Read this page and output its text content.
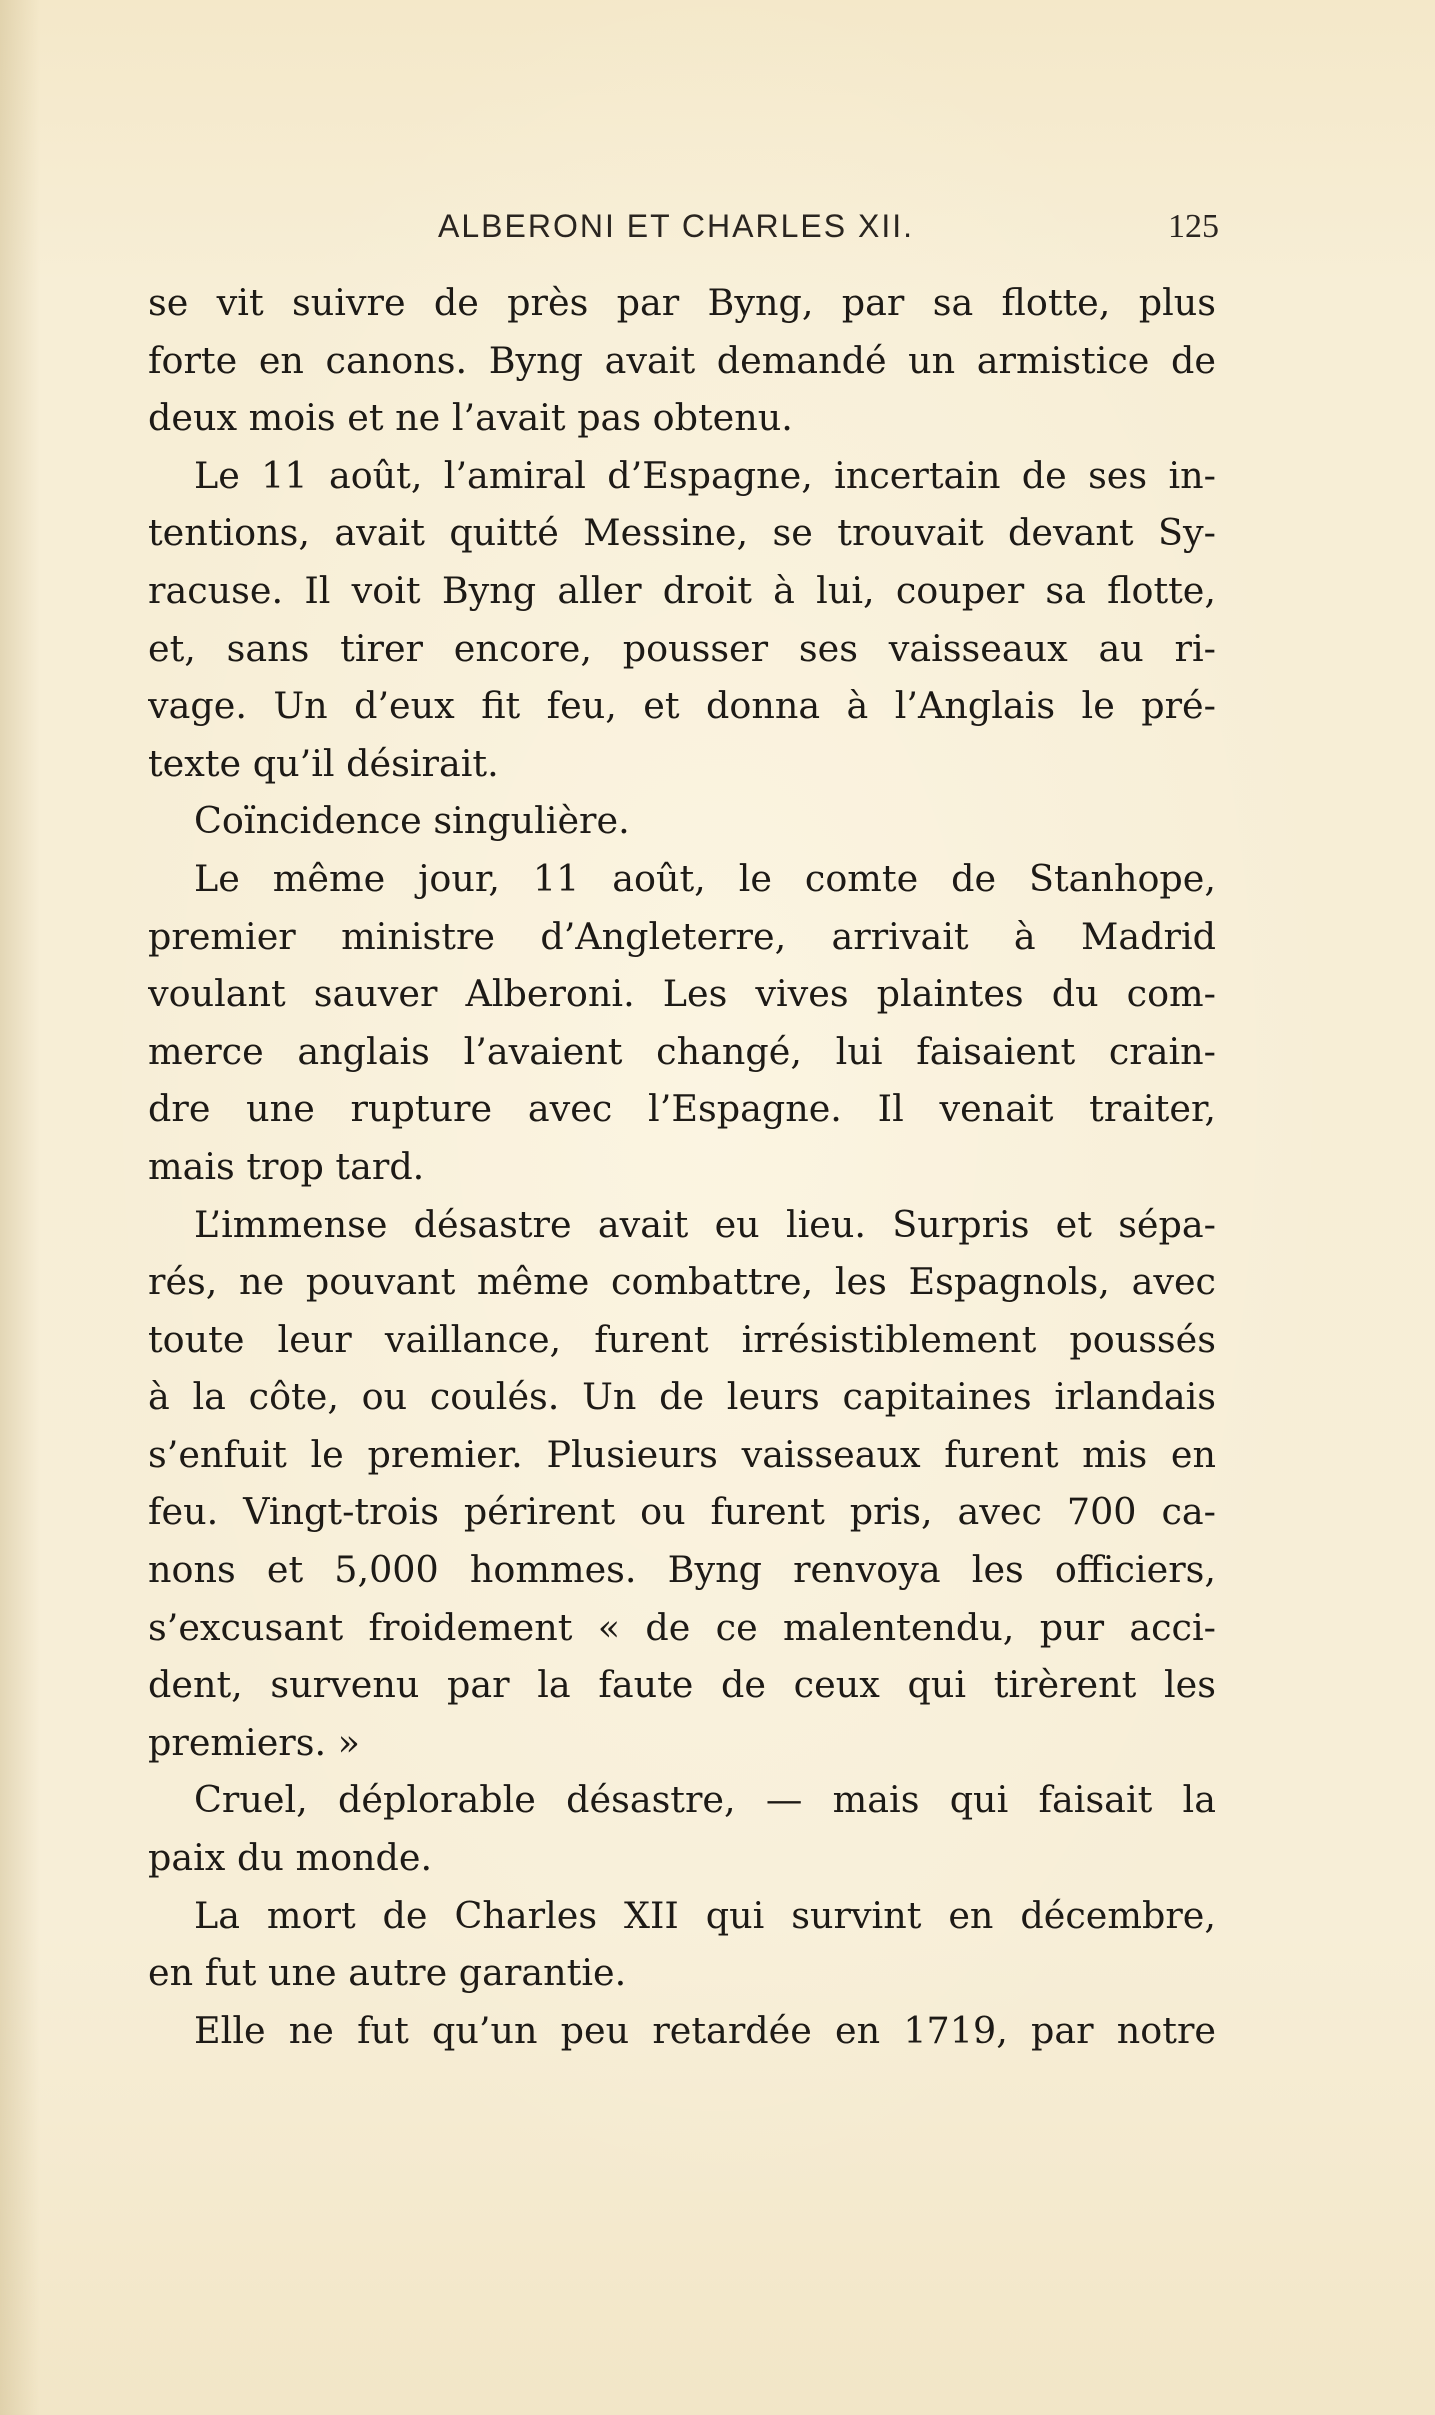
ALBERONI ET CHARLES XII.	125
se vit suivre de près par Byng, par sa flotte, plus
forte en canons. Byng avait demandé un armistice de
deux mois et ne l’avait pas obtenu.
Le 11 août, l’amiral d’Espagne, incertain de ses in-
tentions, avait quitté Messine, se trouvait devant Sy-
racuse. Il voit Byng aller droit à lui, couper sa flotte,
et, sans tirer encore, pousser ses vaisseaux au ri-
vage. Un d’eux fit feu, et donna à l’Anglais le pré-
texte qu’il désirait.
Coïncidence singulière.
Le même jour, 11 août, le comte de Stanhope,
premier ministre d’Angleterre, arrivait à Madrid
voulant sauver Alberoni. Les vives plaintes du com-
merce anglais l’avaient changé, lui faisaient crain-
dre une rupture avec l’Espagne. Il venait traiter,
mais trop tard.
L’immense désastre avait eu lieu. Surpris et sépa-
rés, ne pouvant même combattre, les Espagnols, avec
toute leur vaillance, furent irrésistiblement poussés
à la côte, ou coulés. Un de leurs capitaines irlandais
s’enfuit le premier. Plusieurs vaisseaux furent mis en
feu. Vingt-trois périrent ou furent pris, avec 700 ca-
nons et 5,000 hommes. Byng renvoya les officiers,
s’excusant froidement « de ce malentendu, pur acci-
dent, survenu par la faute de ceux qui tirèrent les
premiers. »
Cruel, déplorable désastre, — mais qui faisait la
paix du monde.
La mort de Charles XII qui survint en décembre,
en fut une autre garantie.
Elle ne fut qu’un peu retardée en 1719, par notre
